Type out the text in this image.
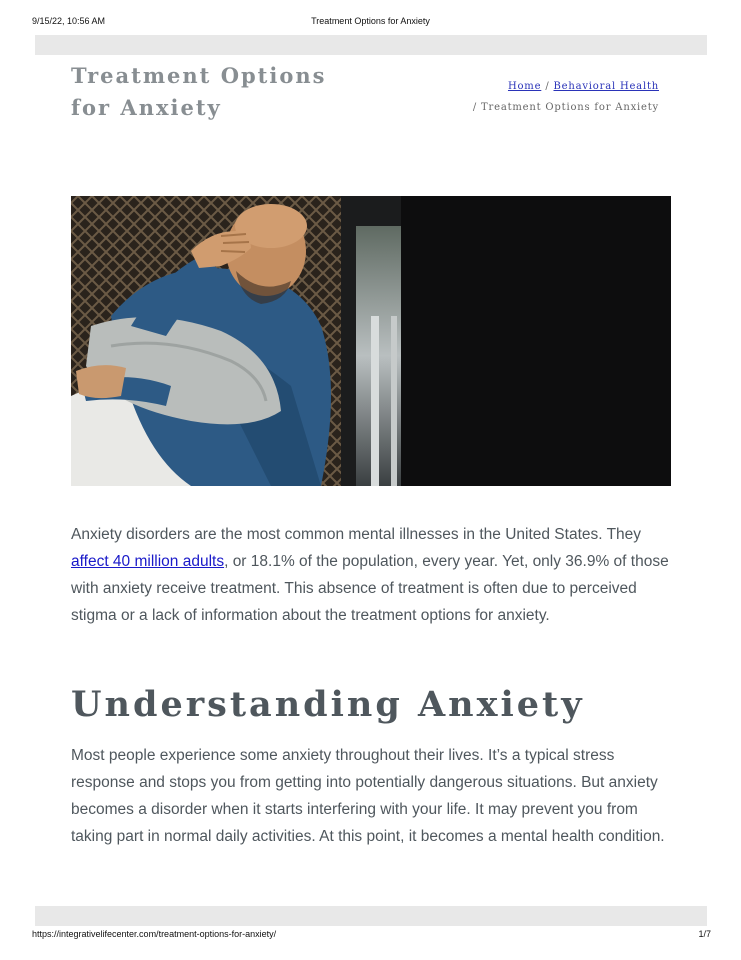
9/15/22, 10:56 AM	Treatment Options for Anxiety
Treatment Options for Anxiety
Home / Behavioral Health
/ Treatment Options for Anxiety

Anxiety disorders are the most common mental illnesses in the United States. They affect 40 million adults, or 18.1% of the population, every year. Yet, only 36.9% of those with anxiety receive treatment. This absence of treatment is often due to perceived stigma or a lack of information about the treatment options for anxiety.

Understanding Anxiety

Most people experience some anxiety throughout their lives. It’s a typical stress response and stops you from getting into potentially dangerous situations. But anxiety becomes a disorder when it starts interfering with your life. It may prevent you from taking part in normal daily activities. At this point, it becomes a mental health condition.

https://integrativelifecenter.com/treatment-options-for-anxiety/	1/7
